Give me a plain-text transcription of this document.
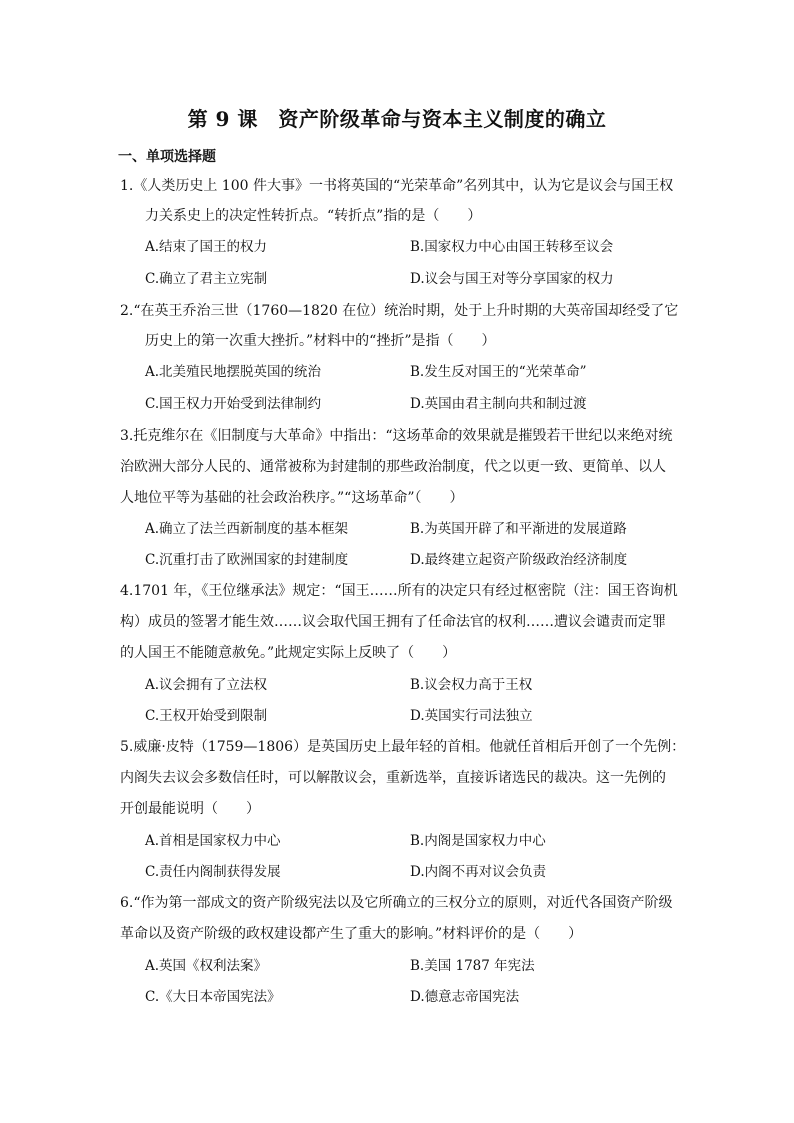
第 9 课　资产阶级革命与资本主义制度的确立
一、单项选择题
1.《人类历史上 100 件大事》一书将英国的“光荣革命”名列其中，认为它是议会与国王权
力关系史上的决定性转折点。“转折点”指的是（　　）
A.结束了国王的权力	B.国家权力中心由国王转移至议会
C.确立了君主立宪制	D.议会与国王对等分享国家的权力
2.“在英王乔治三世（1760—1820 在位）统治时期，处于上升时期的大英帝国却经受了它
历史上的第一次重大挫折。”材料中的“挫折”是指（　　）
A.北美殖民地摆脱英国的统治	B.发生反对国王的“光荣革命”
C.国王权力开始受到法律制约	D.英国由君主制向共和制过渡
3.托克维尔在《旧制度与大革命》中指出：“这场革命的效果就是摧毁若干世纪以来绝对统
治欧洲大部分人民的、通常被称为封建制的那些政治制度，代之以更一致、更简单、以人
人地位平等为基础的社会政治秩序。”“这场革命”（　　）
A.确立了法兰西新制度的基本框架	B.为英国开辟了和平渐进的发展道路
C.沉重打击了欧洲国家的封建制度	D.最终建立起资产阶级政治经济制度
4.1701 年，《王位继承法》规定：“国王……所有的决定只有经过枢密院（注：国王咨询机
构）成员的签署才能生效……议会取代国王拥有了任命法官的权利……遭议会谴责而定罪
的人国王不能随意赦免。”此规定实际上反映了（　　）
A.议会拥有了立法权	B.议会权力高于王权
C.王权开始受到限制	D.英国实行司法独立
5.威廉·皮特（1759—1806）是英国历史上最年轻的首相。他就任首相后开创了一个先例：
内阁失去议会多数信任时，可以解散议会，重新选举，直接诉诸选民的裁决。这一先例的
开创最能说明（　　）
A.首相是国家权力中心	B.内阁是国家权力中心
C.责任内阁制获得发展	D.内阁不再对议会负责
6.“作为第一部成文的资产阶级宪法以及它所确立的三权分立的原则，对近代各国资产阶级
革命以及资产阶级的政权建设都产生了重大的影响。”材料评价的是（　　）
A.英国《权利法案》	B.美国 1787 年宪法
C.《大日本帝国宪法》	D.德意志帝国宪法
